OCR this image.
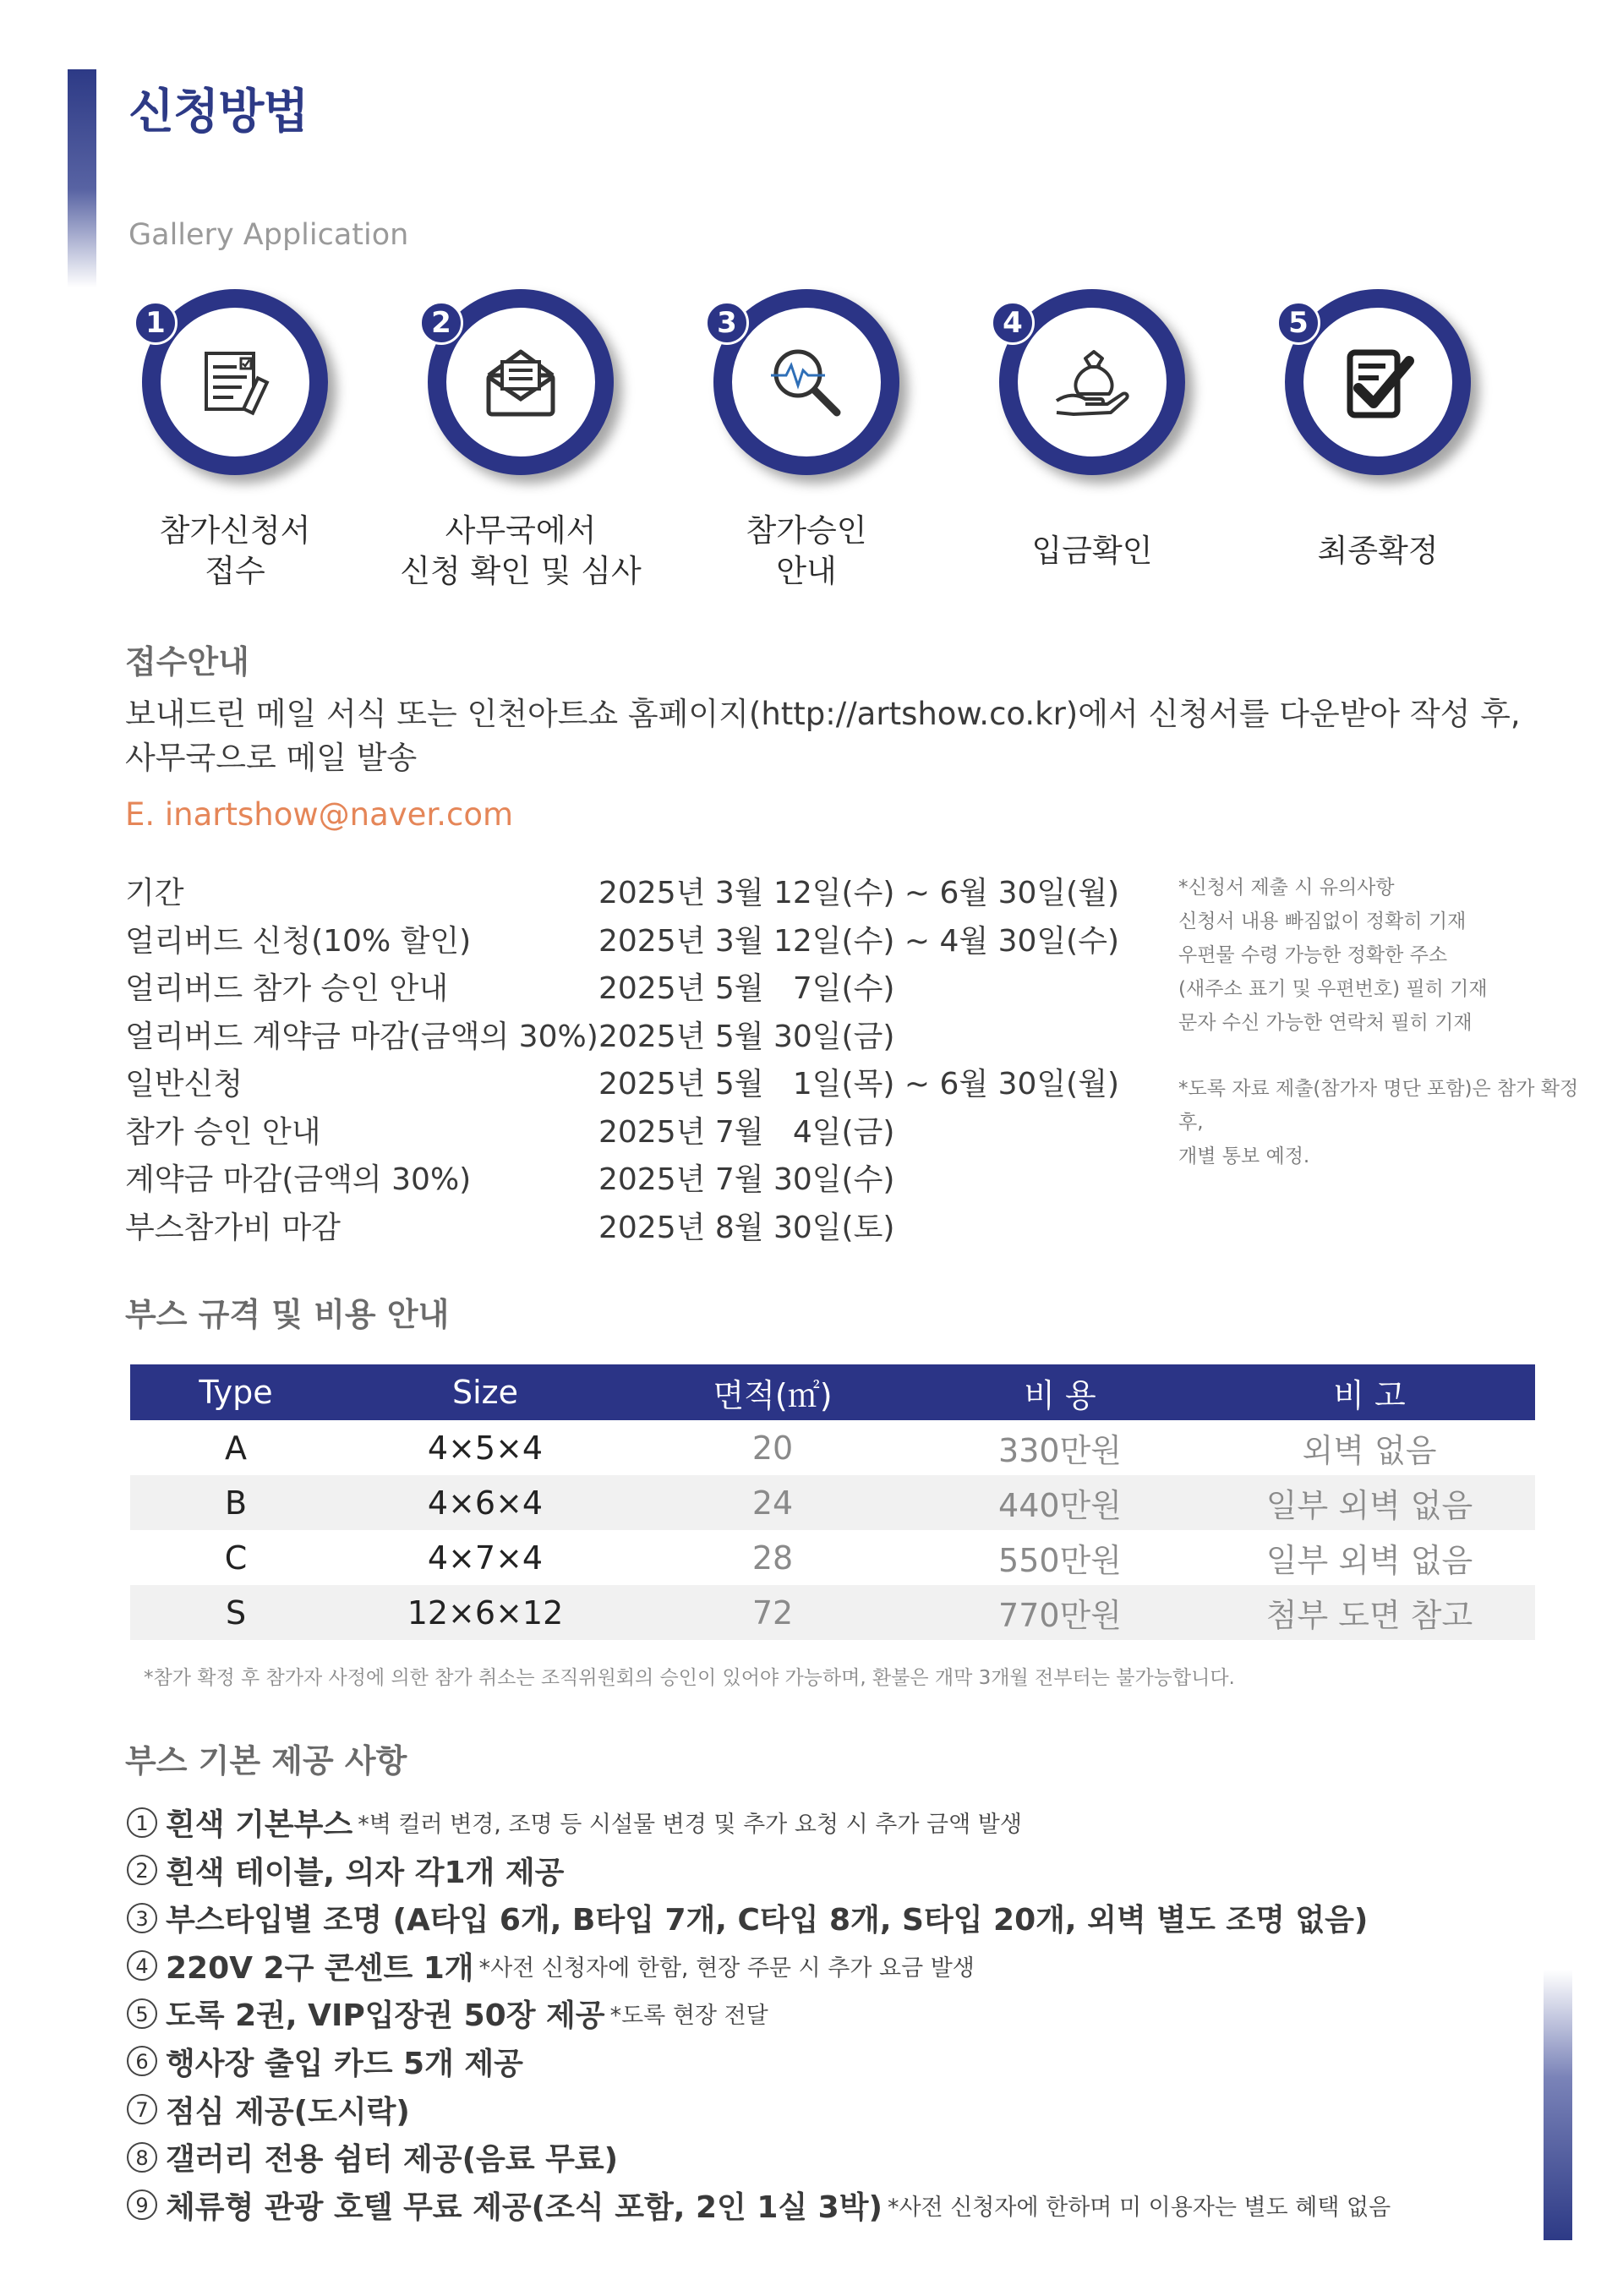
신청방법
Gallery Application
1
참가신청서
접수
2
사무국에서
신청 확인 및 심사
3
참가승인
안내
4
입금확인
5
최종확정
접수안내
보내드린 메일 서식 또는 인천아트쇼 홈페이지(http://artshow.co.kr)에서 신청서를 다운받아 작성 후,
사무국으로 메일 발송
E. inartshow@naver.com
기간	2025년 3월 12일(수) ~ 6월 30일(월)
얼리버드 신청(10% 할인)	2025년 3월 12일(수) ~ 4월 30일(수)
얼리버드 참가 승인 안내	2025년 5월   7일(수)
얼리버드 계약금 마감(금액의 30%) 2025년 5월 30일(금)
일반신청	2025년 5월   1일(목) ~ 6월 30일(월)
참가 승인 안내	2025년 7월   4일(금)
계약금 마감(금액의 30%)	2025년 7월 30일(수)
부스참가비 마감	2025년 8월 30일(토)
*신청서 제출 시 유의사항
신청서 내용 빠짐없이 정확히 기재
우편물 수령 가능한 정확한 주소
(새주소 표기 및 우편번호) 필히 기재
문자 수신 가능한 연락처 필히 기재
*도록 자료 제출(참가자 명단 포함)은 참가 확정 후,
개별 통보 예정.
부스 규격 및 비용 안내
Type	Size	면적(㎡)	비 용	비 고
A	4×5×4	20	330만원	외벽 없음
B	4×6×4	24	440만원	일부 외벽 없음
C	4×7×4	28	550만원	일부 외벽 없음
S	12×6×12	72	770만원	첨부 도면 참고
*참가 확정 후 참가자 사정에 의한 참가 취소는 조직위원회의 승인이 있어야 가능하며, 환불은 개막 3개월 전부터는 불가능합니다.
부스 기본 제공 사항
1 흰색 기본부스 *벽 컬러 변경, 조명 등 시설물 변경 및 추가 요청 시 추가 금액 발생
2 흰색 테이블, 의자 각1개 제공
3 부스타입별 조명 (A타입 6개, B타입 7개, C타입 8개, S타입 20개, 외벽 별도 조명 없음)
4 220V 2구 콘센트 1개 *사전 신청자에 한함, 현장 주문 시 추가 요금 발생
5 도록 2권, VIP입장권 50장 제공 *도록 현장 전달
6 행사장 출입 카드 5개 제공
7 점심 제공(도시락)
8 갤러리 전용 쉼터 제공(음료 무료)
9 체류형 관광 호텔 무료 제공(조식 포함, 2인 1실 3박) *사전 신청자에 한하며 미 이용자는 별도 혜택 없음
